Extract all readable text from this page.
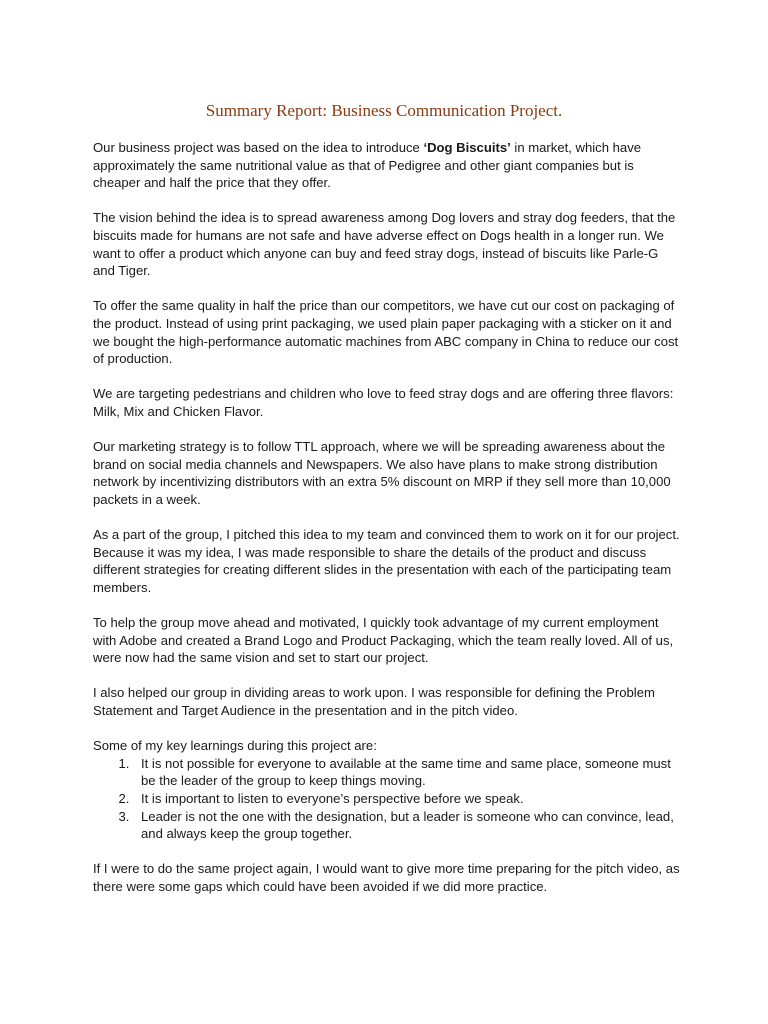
Summary Report: Business Communication Project.

Our business project was based on the idea to introduce ‘Dog Biscuits’ in market, which have approximately the same nutritional value as that of Pedigree and other giant companies but is cheaper and half the price that they offer.

The vision behind the idea is to spread awareness among Dog lovers and stray dog feeders, that the biscuits made for humans are not safe and have adverse effect on Dogs health in a longer run. We want to offer a product which anyone can buy and feed stray dogs, instead of biscuits like Parle-G and Tiger.

To offer the same quality in half the price than our competitors, we have cut our cost on packaging of the product. Instead of using print packaging, we used plain paper packaging with a sticker on it and we bought the high-performance automatic machines from ABC company in China to reduce our cost of production.

We are targeting pedestrians and children who love to feed stray dogs and are offering three flavors: Milk, Mix and Chicken Flavor.

Our marketing strategy is to follow TTL approach, where we will be spreading awareness about the brand on social media channels and Newspapers. We also have plans to make strong distribution network by incentivizing distributors with an extra 5% discount on MRP if they sell more than 10,000 packets in a week.

As a part of the group, I pitched this idea to my team and convinced them to work on it for our project. Because it was my idea, I was made responsible to share the details of the product and discuss different strategies for creating different slides in the presentation with each of the participating team members.

To help the group move ahead and motivated, I quickly took advantage of my current employment with Adobe and created a Brand Logo and Product Packaging, which the team really loved. All of us, were now had the same vision and set to start our project.

I also helped our group in dividing areas to work upon. I was responsible for defining the Problem Statement and Target Audience in the presentation and in the pitch video.

Some of my key learnings during this project are:

1. It is not possible for everyone to available at the same time and same place, someone must be the leader of the group to keep things moving.
2. It is important to listen to everyone’s perspective before we speak.
3. Leader is not the one with the designation, but a leader is someone who can convince, lead, and always keep the group together.

If I were to do the same project again, I would want to give more time preparing for the pitch video, as there were some gaps which could have been avoided if we did more practice.
